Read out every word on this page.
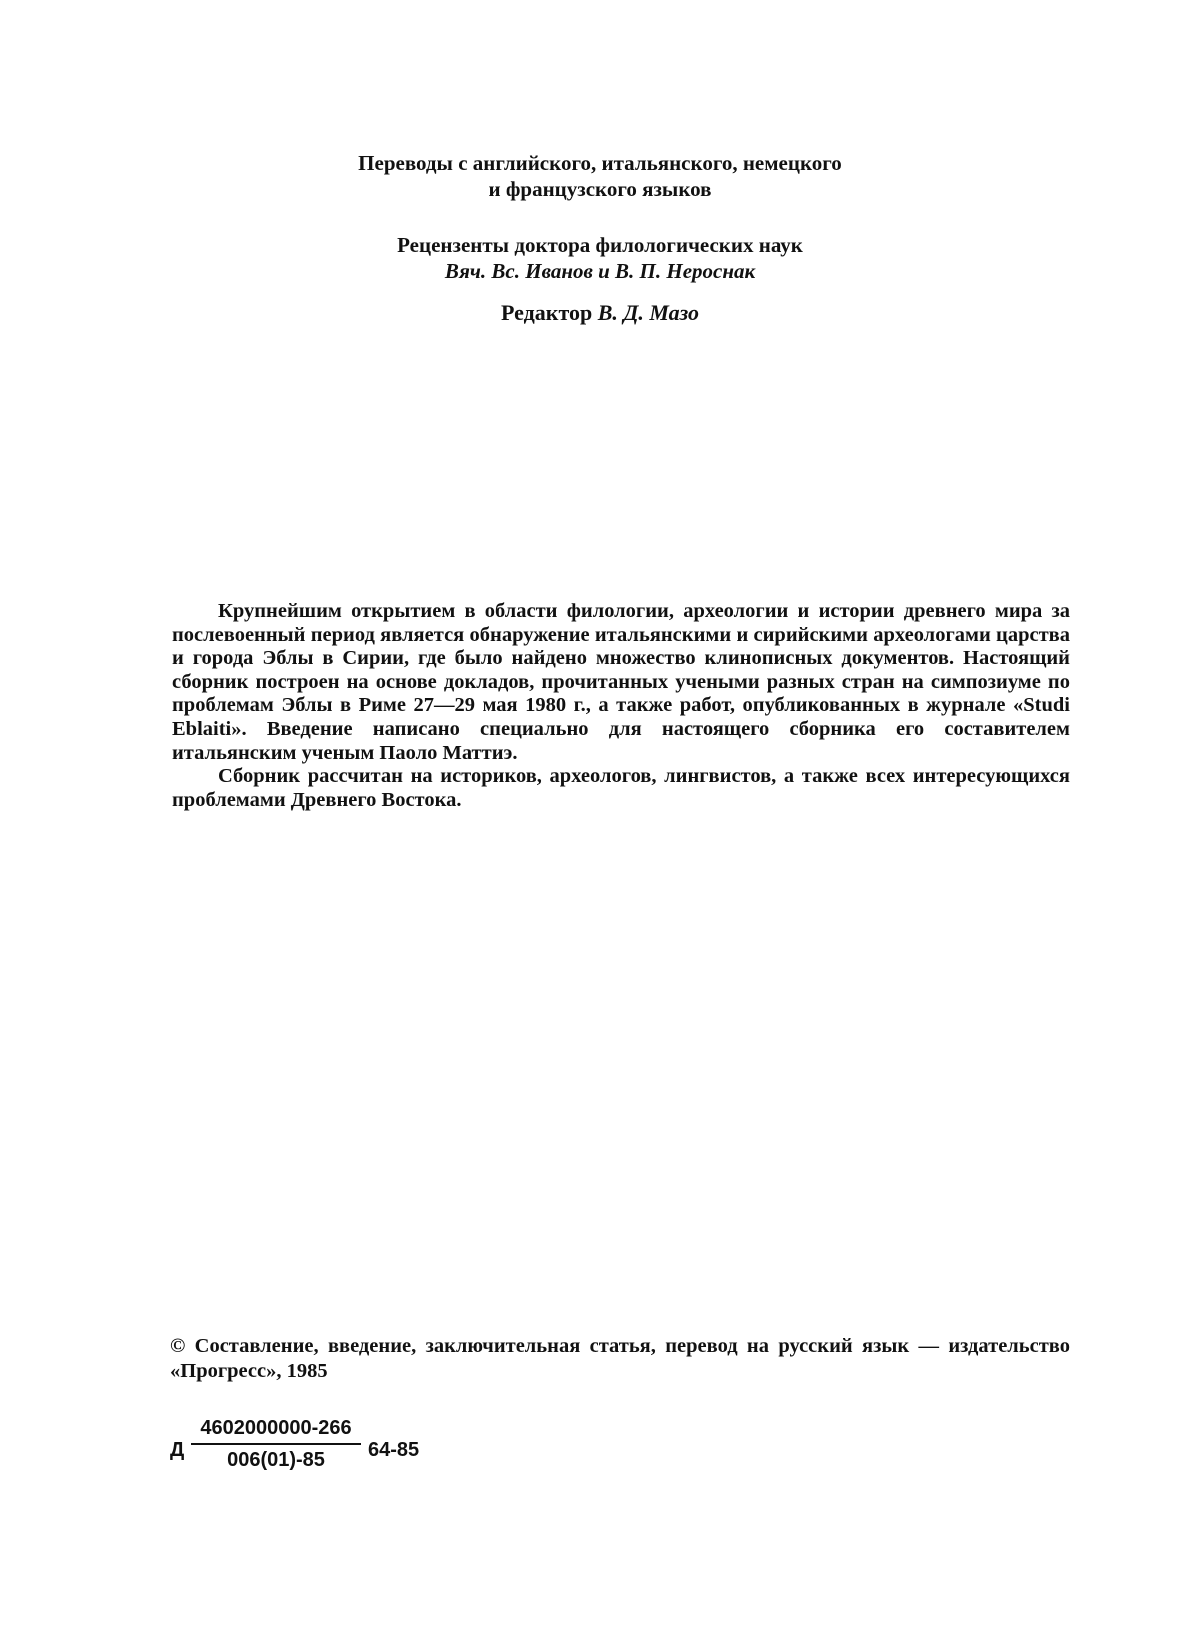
Переводы с английского, итальянского, немецкого
и французского языков
Рецензенты доктора филологических наук
Вяч. Вс. Иванов и В. П. Нероснак
Редактор В. Д. Мазо

Крупнейшим открытием в области филологии, археологии и истории древнего мира за послевоенный период является обнаружение итальянскими и сирийскими археологами царства и города Эблы в Сирии, где было найдено множество клинописных документов. Настоящий сборник построен на основе докладов, прочитанных учеными разных стран на симпозиуме по проблемам Эблы в Риме 27—29 мая 1980 г., а также работ, опубликованных в журнале «Studi Eblaiti». Введение написано специально для настоящего сборника его составителем итальянским ученым Паоло Маттиэ.

Сборник рассчитан на историков, археологов, лингвистов, а также всех интересующихся проблемами Древнего Востока.

© Составление, введение, заключительная статья, перевод на русский язык — издательство «Прогресс», 1985
Д
4602000000-266
006(01)-85	64-85
